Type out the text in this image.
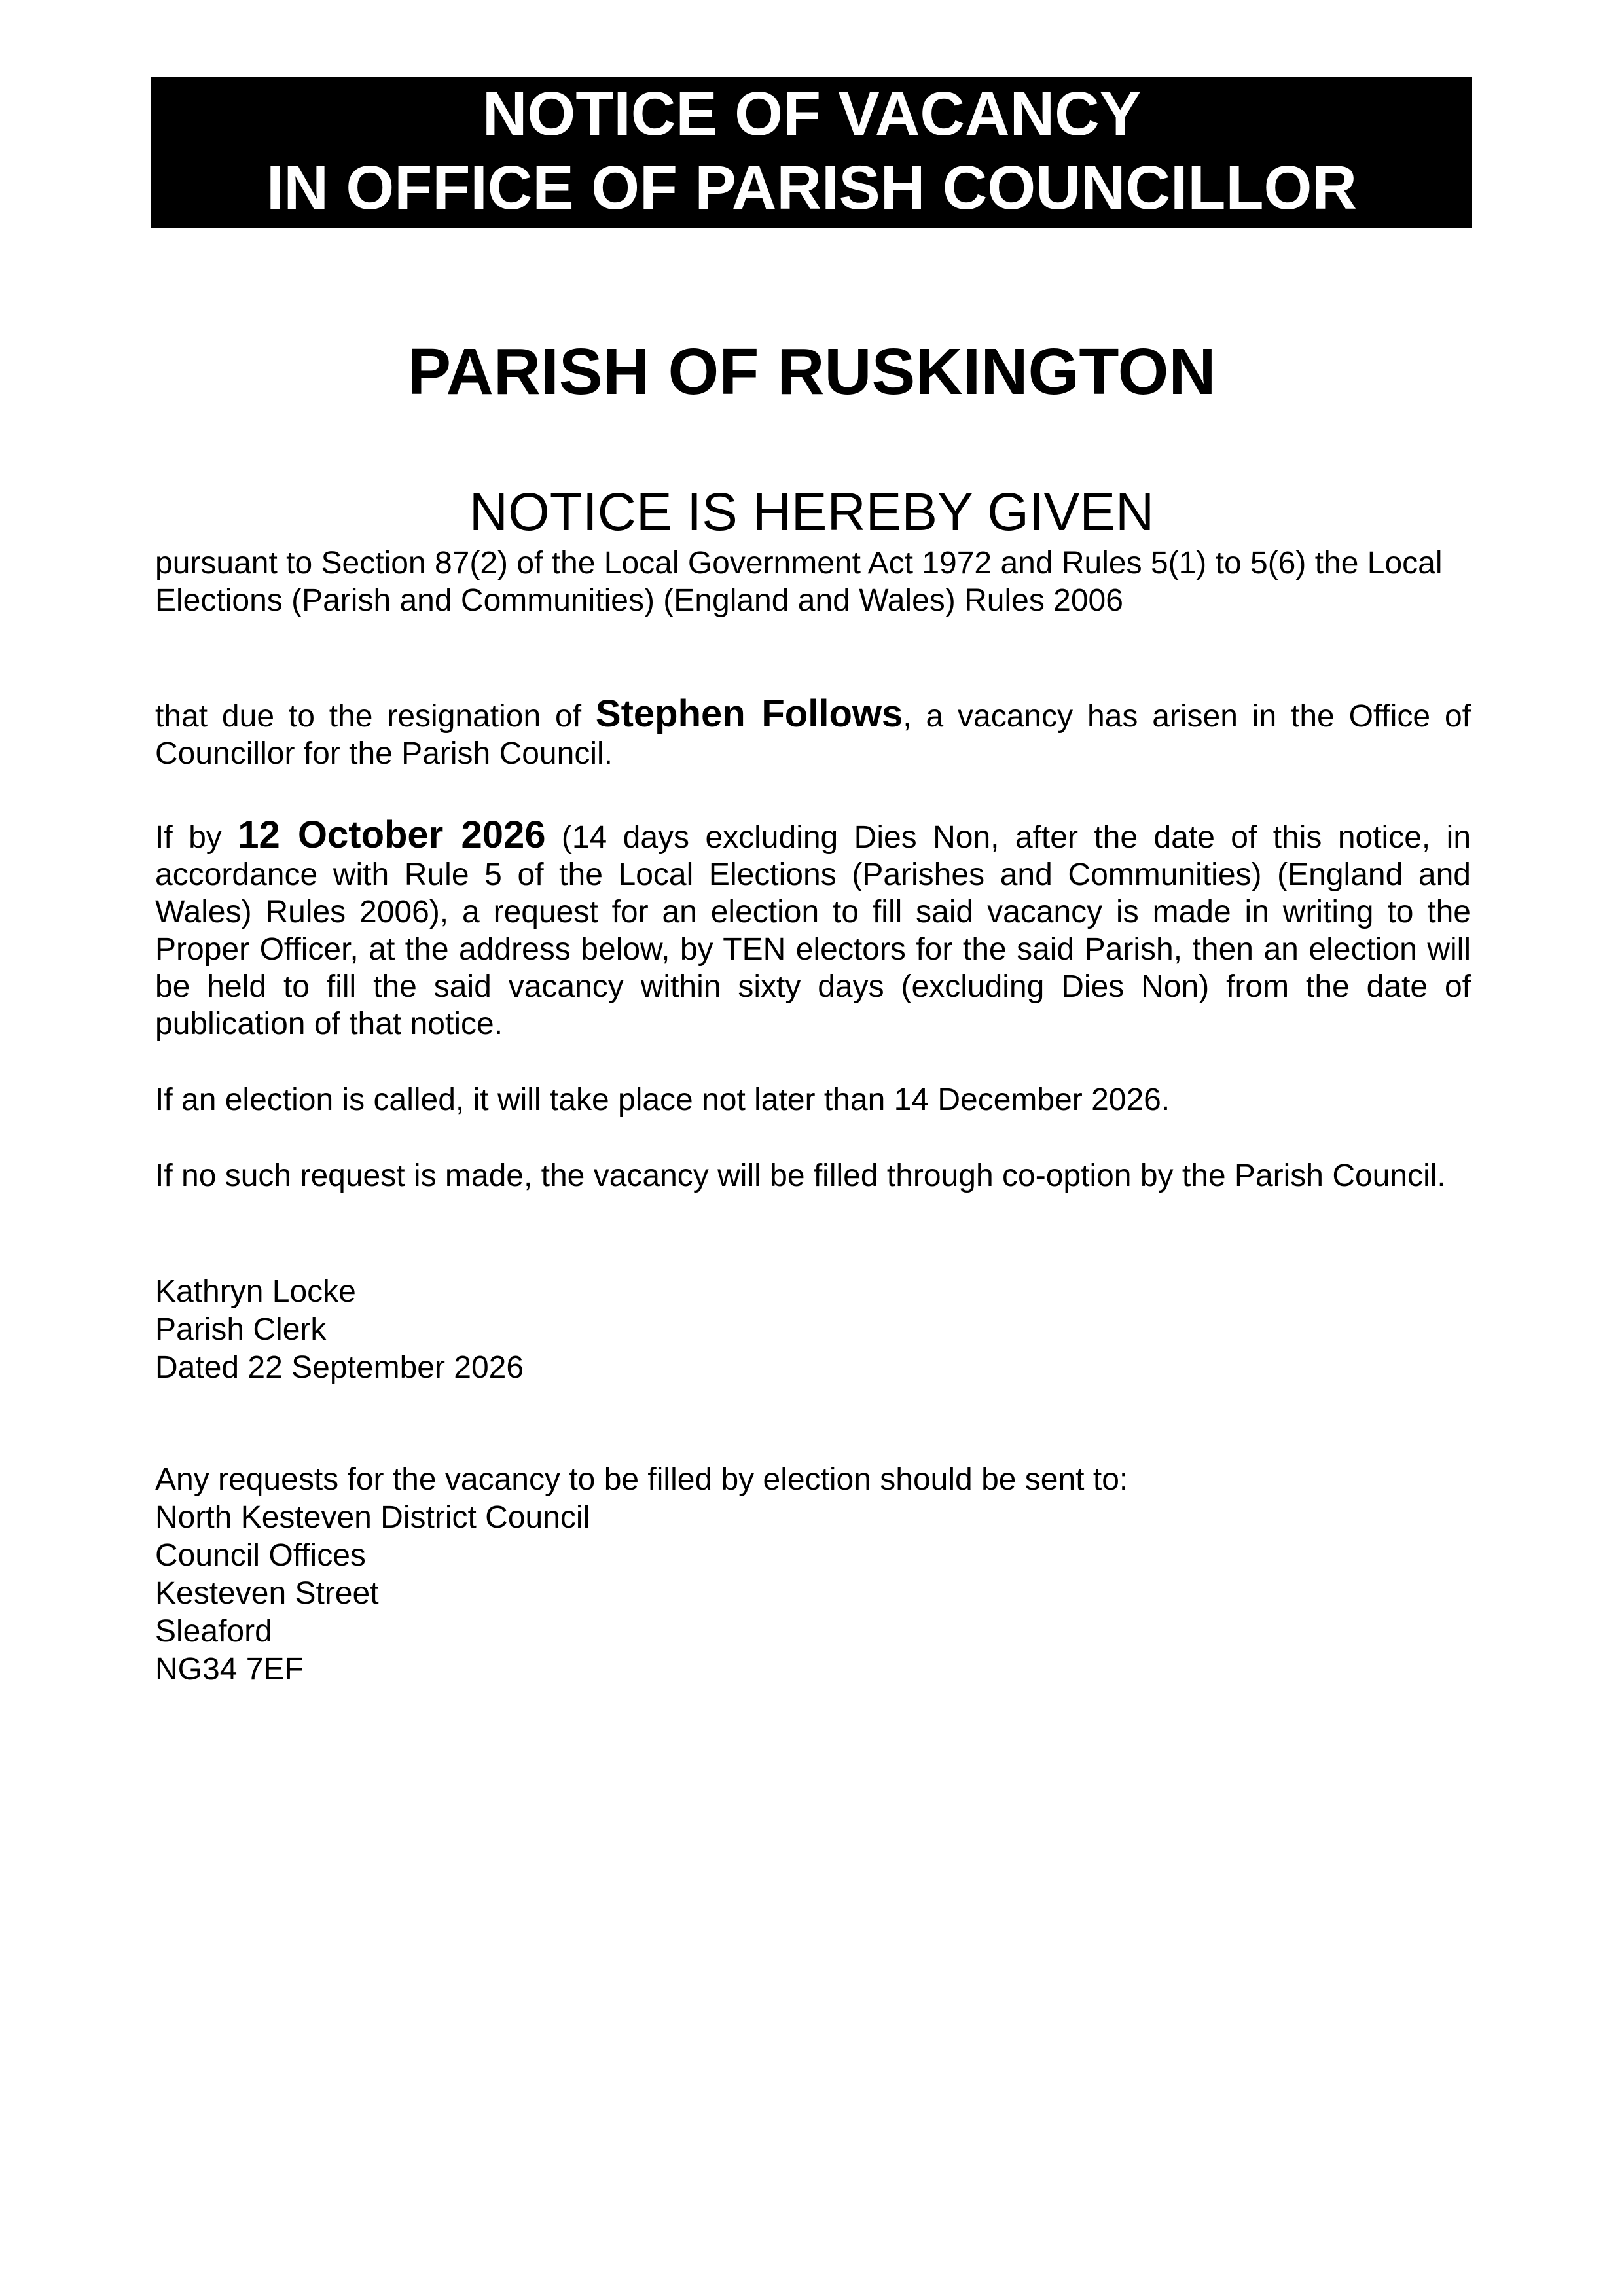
NOTICE OF VACANCY
IN OFFICE OF PARISH COUNCILLOR
PARISH OF RUSKINGTON
NOTICE IS HEREBY GIVEN
pursuant to Section 87(2) of the Local Government Act 1972 and Rules 5(1) to 5(6) the Local Elections (Parish and Communities) (England and Wales) Rules 2006
that due to the resignation of Stephen Follows, a vacancy has arisen in the Office of Councillor for the Parish Council.
If by 12 October 2026 (14 days excluding Dies Non, after the date of this notice, in accordance with Rule 5 of the Local Elections (Parishes and Communities) (England and Wales) Rules 2006), a request for an election to fill said vacancy is made in writing to the Proper Officer, at the address below, by TEN electors for the said Parish, then an election will be held to fill the said vacancy within sixty days (excluding Dies Non) from the date of publication of that notice.
If an election is called, it will take place not later than 14 December 2026.
If no such request is made, the vacancy will be filled through co-option by the Parish Council.
Kathryn Locke
Parish Clerk
Dated 22 September 2026
Any requests for the vacancy to be filled by election should be sent to:
North Kesteven District Council
Council Offices
Kesteven Street
Sleaford
NG34 7EF
